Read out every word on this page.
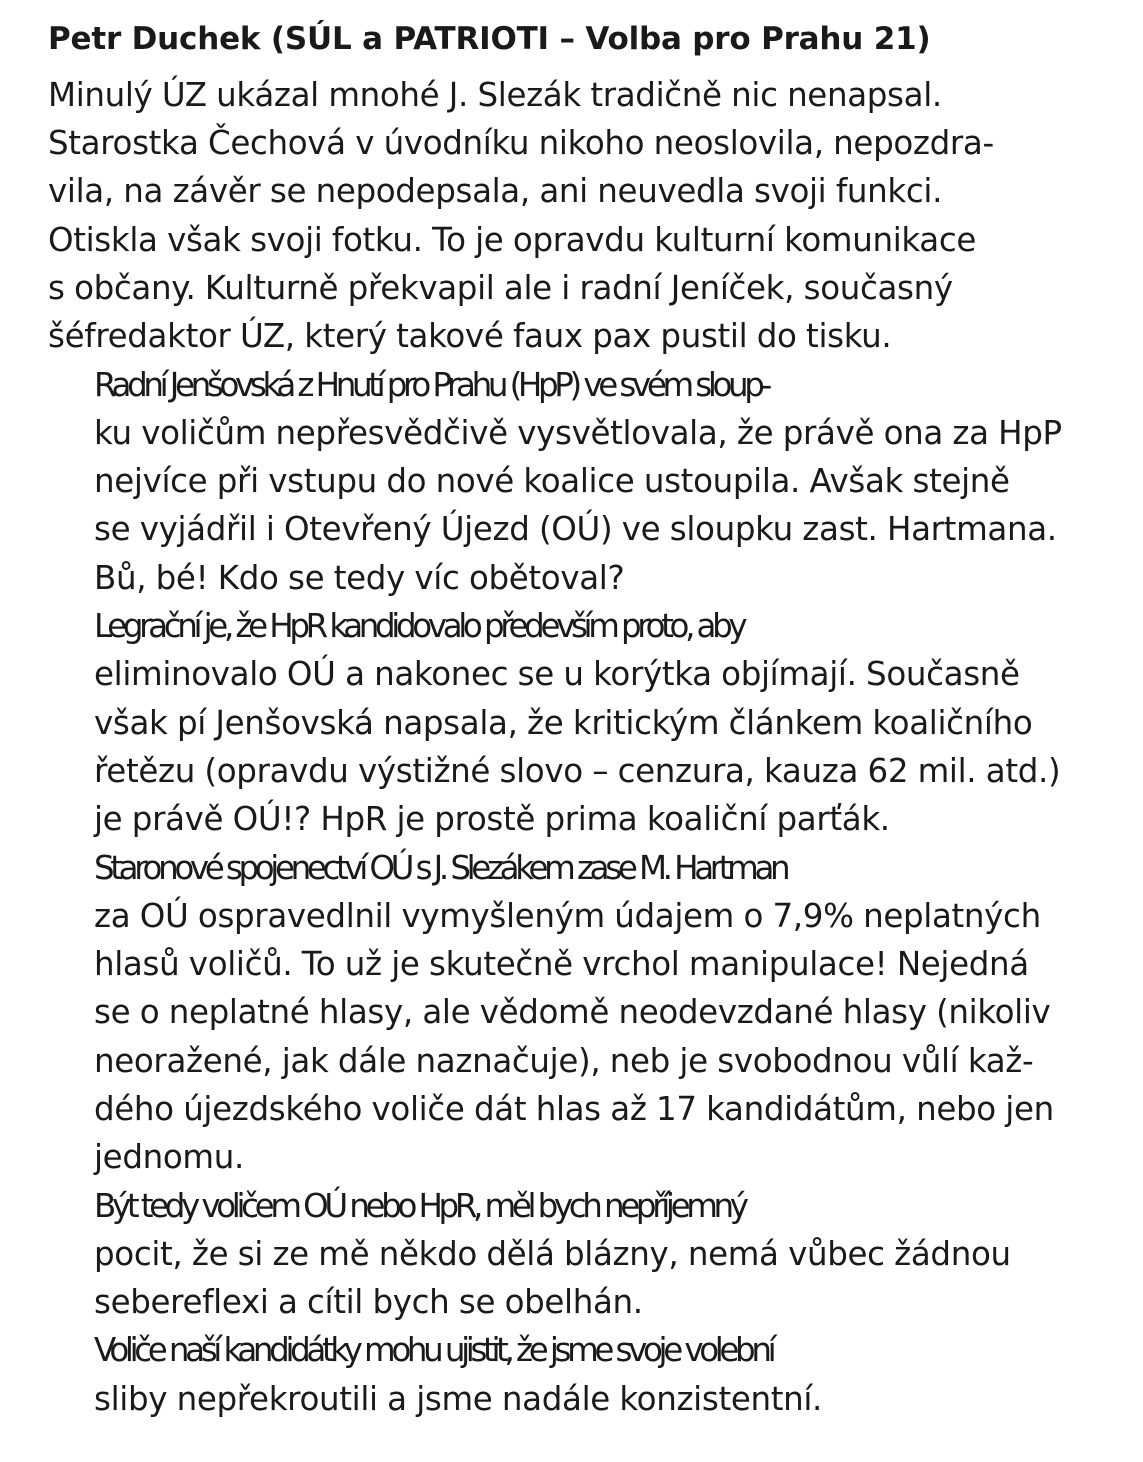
Petr Duchek (SÚL a PATRIOTI – Volba pro Prahu 21)

Minulý ÚZ ukázal mnohé J. Slezák tradičně nic nenapsal.
Starostka Čechová v úvodníku nikoho neoslovila, nepozdra-
vila, na závěr se nepodepsala, ani neuvedla svoji funkci.
Otiskla však svoji fotku. To je opravdu kulturní komunikace
s občany. Kulturně překvapil ale i radní Jeníček, současný
šéfredaktor ÚZ, který takové faux pax pustil do tisku.

Radní Jenšovská z Hnutí pro Prahu (HpP) ve svém sloup-
ku voličům nepřesvědčivě vysvětlovala, že právě ona za HpP
nejvíce při vstupu do nové koalice ustoupila. Avšak stejně
se vyjádřil i Otevřený Újezd (OÚ) ve sloupku zast. Hartmana.
Bů, bé! Kdo se tedy víc obětoval?

Legrační je, že HpR kandidovalo především proto, aby
eliminovalo OÚ a nakonec se u korýtka objímají. Současně
však pí Jenšovská napsala, že kritickým článkem koaličního
řetězu (opravdu výstižné slovo – cenzura, kauza 62 mil. atd.)
je právě OÚ!? HpR je prostě prima koaliční parťák.

Staronové spojenectví OÚ s J. Slezákem zase M. Hartman
za OÚ ospravedlnil vymyšleným údajem o 7,9% neplatných
hlasů voličů. To už je skutečně vrchol manipulace! Nejedná
se o neplatné hlasy, ale vědomě neodevzdané hlasy (nikoliv
neoražené, jak dále naznačuje), neb je svobodnou vůlí kaž-
dého újezdského voliče dát hlas až 17 kandidátům, nebo jen
jednomu.

Být tedy voličem OÚ nebo HpR, měl bych nepříjemný
pocit, že si ze mě někdo dělá blázny, nemá vůbec žádnou
sebereflexi a cítil bych se obelhán.

Voliče naší kandidátky mohu ujistit, že jsme svoje volební
sliby nepřekroutili a jsme nadále konzistentní.
